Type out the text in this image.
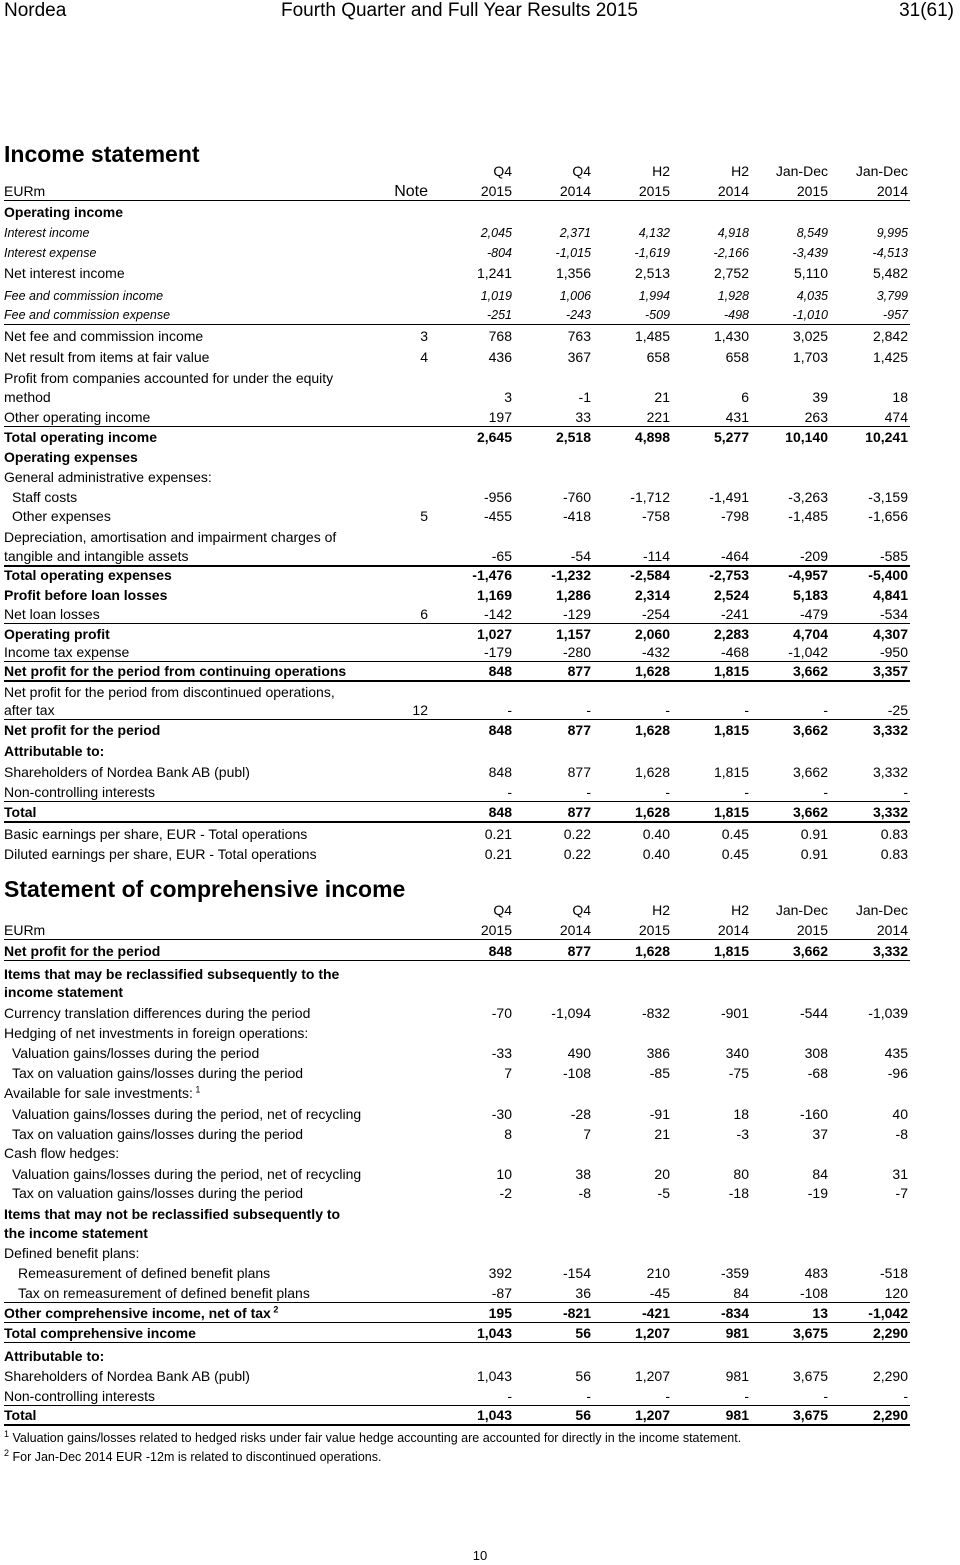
Nordea	Fourth Quarter and Full Year Results 2015	31(61)
Income statement
Q4	Q4	H2	H2	Jan-Dec	Jan-Dec
EURm	Note	2015	2014	2015	2014	2015	2014
Operating income
Interest income	2,045	2,371	4,132	4,918	8,549	9,995
Interest expense	-804	-1,015	-1,619	-2,166	-3,439	-4,513
Net interest income	1,241	1,356	2,513	2,752	5,110	5,482
Fee and commission income	1,019	1,006	1,994	1,928	4,035	3,799
Fee and commission expense	-251	-243	-509	-498	-1,010	-957
Net fee and commission income	3	768	763	1,485	1,430	3,025	2,842
Net result from items at fair value	4	436	367	658	658	1,703	1,425
Profit from companies accounted for under the equity
method	3	-1	21	6	39	18
Other operating income	197	33	221	431	263	474
Total operating income	2,645	2,518	4,898	5,277	10,140	10,241
Operating expenses
General administrative expenses:
Staff costs	-956	-760	-1,712	-1,491	-3,263	-3,159
Other expenses	5	-455	-418	-758	-798	-1,485	-1,656
Depreciation, amortisation and impairment charges of
tangible and intangible assets	-65	-54	-114	-464	-209	-585
Total operating expenses	-1,476	-1,232	-2,584	-2,753	-4,957	-5,400
Profit before loan losses	1,169	1,286	2,314	2,524	5,183	4,841
Net loan losses	6	-142	-129	-254	-241	-479	-534
Operating profit	1,027	1,157	2,060	2,283	4,704	4,307
Income tax expense	-179	-280	-432	-468	-1,042	-950
Net profit for the period from continuing operations	848	877	1,628	1,815	3,662	3,357
Net profit for the period from discontinued operations,
after tax	12	-	-	-	-	-	-25
Net profit for the period	848	877	1,628	1,815	3,662	3,332
Attributable to:
Shareholders of Nordea Bank AB (publ)	848	877	1,628	1,815	3,662	3,332
Non-controlling interests	-	-	-	-	-	-
Total	848	877	1,628	1,815	3,662	3,332
Basic earnings per share, EUR - Total operations	0.21	0.22	0.40	0.45	0.91	0.83
Diluted earnings per share, EUR - Total operations	0.21	0.22	0.40	0.45	0.91	0.83
Statement of comprehensive income
Q4	Q4	H2	H2	Jan-Dec	Jan-Dec
EURm	2015	2014	2015	2014	2015	2014
Net profit for the period	848	877	1,628	1,815	3,662	3,332
Items that may be reclassified subsequently to the
income statement
Currency translation differences during the period	-70	-1,094	-832	-901	-544	-1,039
Hedging of net investments in foreign operations:
Valuation gains/losses during the period	-33	490	386	340	308	435
Tax on valuation gains/losses during the period	7	-108	-85	-75	-68	-96
Available for sale investments: $^1$
Valuation gains/losses during the period, net of recycling	-30	-28	-91	18	-160	40
Tax on valuation gains/losses during the period	8	7	21	-3	37	-8
Cash flow hedges:
Valuation gains/losses during the period, net of recycling	10	38	20	80	84	31
Tax on valuation gains/losses during the period	-2	-8	-5	-18	-19	-7
Items that may not be reclassified subsequently to
the income statement
Defined benefit plans:
Remeasurement of defined benefit plans	392	-154	210	-359	483	-518
Tax on remeasurement of defined benefit plans	-87	36	-45	84	-108	120
Other comprehensive income, net of tax $^2$	195	-821	-421	-834	13	-1,042
Total comprehensive income	1,043	56	1,207	981	3,675	2,290
Attributable to:
Shareholders of Nordea Bank AB (publ)	1,043	56	1,207	981	3,675	2,290
Non-controlling interests	-	-	-	-	-	-
Total	1,043	56	1,207	981	3,675	2,290
$^1$ Valuation gains/losses related to hedged risks under fair value hedge accounting are accounted for directly in the income statement.
$^2$ For Jan-Dec 2014 EUR -12m is related to discontinued operations.
10
